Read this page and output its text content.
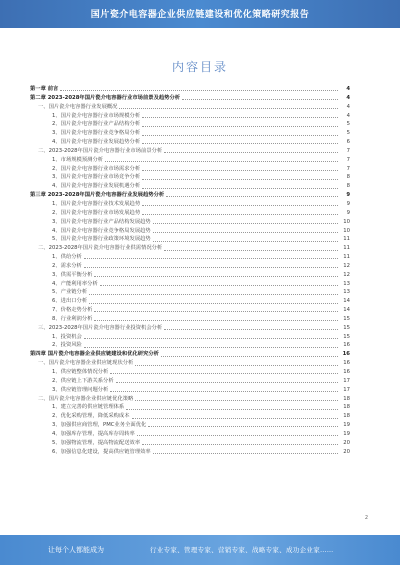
国片瓷介电容器企业供应链建设和优化策略研究报告
内容目录
第一章 前言	4
第二章 2023-2028年国片瓷介电容器行业市场前景及趋势分析	4
一、国片瓷介电容器行业发展概况	4
1、国片瓷介电容器行业市场规模分析	4
2、国片瓷介电容器行业产品结构分析	5
3、国片瓷介电容器行业竞争格局分析	5
4、国片瓷介电容器行业发展趋势分析	6
二、2023-2028年国片瓷介电容器行业市场前景分析	7
1、市场规模预测分析	7
2、国片瓷介电容器行业市场需求分析	7
3、国片瓷介电容器行业市场竞争分析	8
4、国片瓷介电容器行业发展机遇分析	8
第三章 2023-2028年国片瓷介电容器行业发展趋势分析	9
1、国片瓷介电容器行业技术发展趋势	9
2、国片瓷介电容器行业市场发展趋势	9
3、国片瓷介电容器行业产品结构发展趋势	10
4、国片瓷介电容器行业竞争格局发展趋势	10
5、国片瓷介电容器行业政策环境发展趋势	11
二、2023-2028年国片瓷介电容器行业供需情况分析	11
1、供给分析	11
2、需求分析	12
3、供需平衡分析	12
4、产能利用率分析	13
5、产业链分析	13
6、进出口分析	14
7、价格走势分析	14
8、行业利润分析	15
三、2023-2028年国片瓷介电容器行业投资机会分析	15
1、投资机会	15
2、投资风险	16
第四章 国片瓷介电容器企业供应链建设和优化研究分析	16
一、国片瓷介电容器企业供应链现状分析	16
1、供应链整体情况分析	16
2、供应链上下游关系分析	17
3、供应链管理问题分析	17
二、国片瓷介电容器企业供应链优化策略	18
1、建立完善的供应链管理体系	18
2、优化采购管理，降低采购成本	18
3、加强供应商管理，PMC业务全面优化	19
4、加强库存管理，提高库存周转率	19
5、加强物流管理，提高物流配送效率	20
6、加强信息化建设，提高供应链管理效率	20
2
让每个人都能成为	行业专家、管理专家、营销专家、战略专家、成功企业家……
